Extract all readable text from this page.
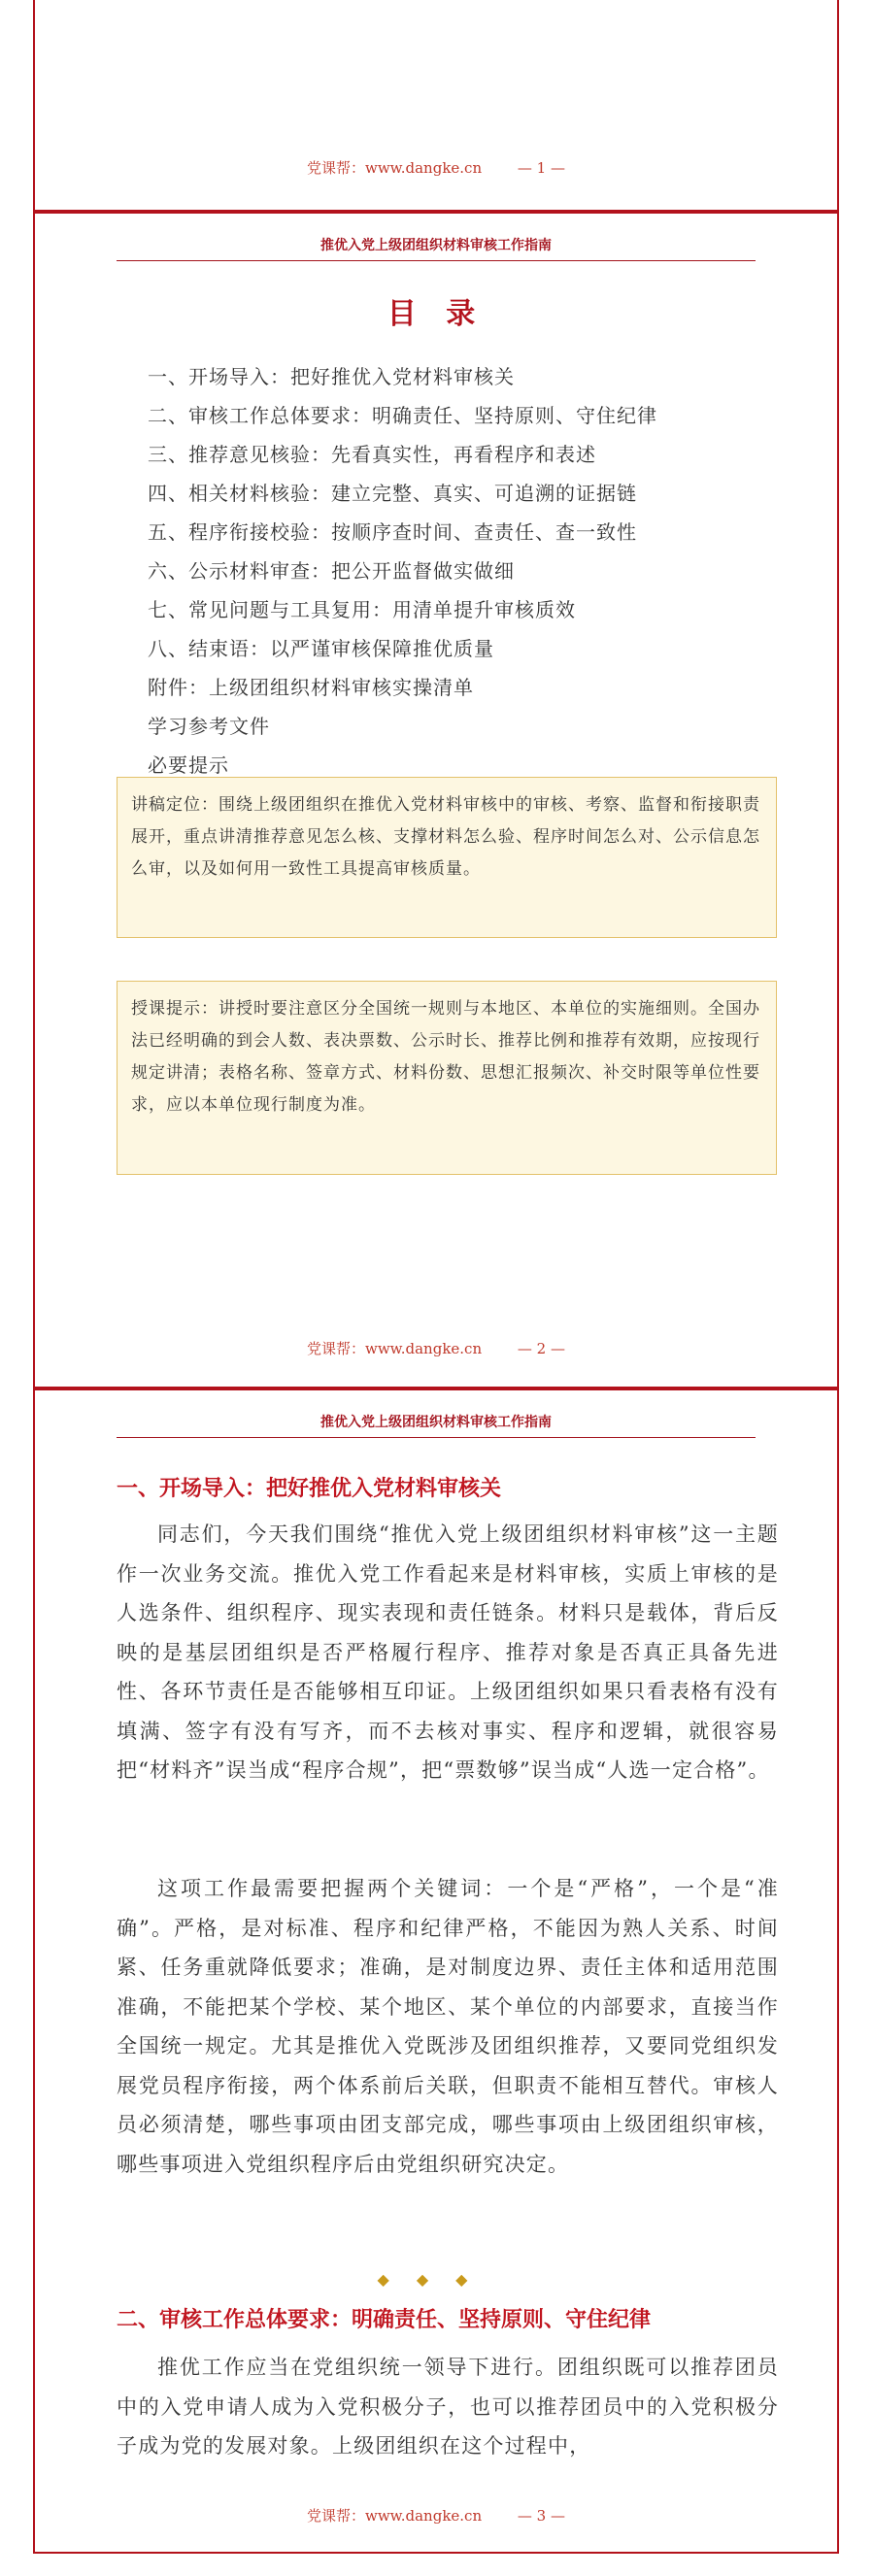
党课帮：www.dangke.cn — 1 —
推优入党上级团组织材料审核工作指南
目 录
一、开场导入：把好推优入党材料审核关
二、审核工作总体要求：明确责任、坚持原则、守住纪律
三、推荐意见核验：先看真实性，再看程序和表述
四、相关材料核验：建立完整、真实、可追溯的证据链
五、程序衔接校验：按顺序查时间、查责任、查一致性
六、公示材料审查：把公开监督做实做细
七、常见问题与工具复用：用清单提升审核质效
八、结束语：以严谨审核保障推优质量
附件：上级团组织材料审核实操清单
学习参考文件
必要提示
讲稿定位：围绕上级团组织在推优入党材料审核中的审核、考察、监督和衔接职责展开，重点讲清推荐意见怎么核、支撑材料怎么验、程序时间怎么对、公示信息怎么审，以及如何用一致性工具提高审核质量。
授课提示：讲授时要注意区分全国统一规则与本地区、本单位的实施细则。全国办法已经明确的到会人数、表决票数、公示时长、推荐比例和推荐有效期，应按现行规定讲清；表格名称、签章方式、材料份数、思想汇报频次、补交时限等单位性要求，应以本单位现行制度为准。
党课帮：www.dangke.cn — 2 —
推优入党上级团组织材料审核工作指南
一、开场导入：把好推优入党材料审核关

同志们，今天我们围绕“推优入党上级团组织材料审核”这一主题作一次业务交流。推优入党工作看起来是材料审核，实质上审核的是人选条件、组织程序、现实表现和责任链条。材料只是载体，背后反映的是基层团组织是否严格履行程序、推荐对象是否真正具备先进性、各环节责任是否能够相互印证。上级团组织如果只看表格有没有填满、签字有没有写齐，而不去核对事实、程序和逻辑，就很容易把“材料齐”误当成“程序合规”，把“票数够”误当成“人选一定合格”。

这项工作最需要把握两个关键词：一个是“严格”，一个是“准确”。严格，是对标准、程序和纪律严格，不能因为熟人关系、时间紧、任务重就降低要求；准确，是对制度边界、责任主体和适用范围准确，不能把某个学校、某个地区、某个单位的内部要求，直接当作全国统一规定。尤其是推优入党既涉及团组织推荐，又要同党组织发展党员程序衔接，两个体系前后关联，但职责不能相互替代。审核人员必须清楚，哪些事项由团支部完成，哪些事项由上级团组织审核，哪些事项进入党组织程序后由党组织研究决定。

◆◆◆
二、审核工作总体要求：明确责任、坚持原则、守住纪律

推优工作应当在党组织统一领导下进行。团组织既可以推荐团员中的入党申请人成为入党积极分子，也可以推荐团员中的入党积极分子成为党的发展对象。上级团组织在这个过程中，

党课帮：www.dangke.cn — 3 —
